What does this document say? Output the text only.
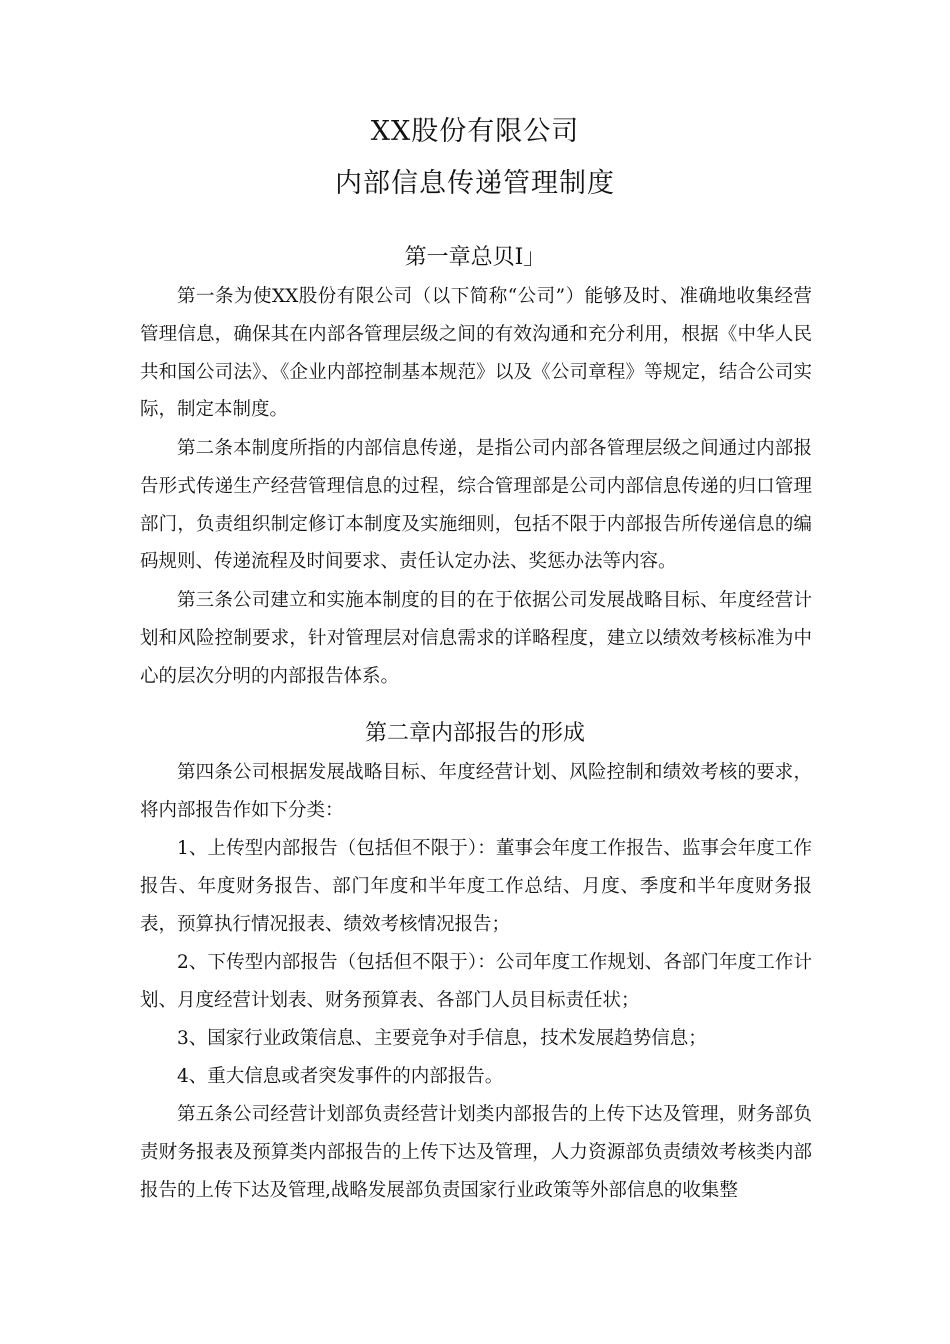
XX股份有限公司
内部信息传递管理制度
第一章总贝I」

第一条为使XX股份有限公司（以下简称“公司”）能够及时、准确地收集经营管理信息，确保其在内部各管理层级之间的有效沟通和充分利用，根据《中华人民共和国公司法》、《企业内部控制基本规范》以及《公司章程》等规定，结合公司实际，制定本制度。

第二条本制度所指的内部信息传递，是指公司内部各管理层级之间通过内部报告形式传递生产经营管理信息的过程，综合管理部是公司内部信息传递的归口管理部门，负责组织制定修订本制度及实施细则，包括不限于内部报告所传递信息的编码规则、传递流程及时间要求、责任认定办法、奖惩办法等内容。

第三条公司建立和实施本制度的目的在于依据公司发展战略目标、年度经营计划和风险控制要求，针对管理层对信息需求的详略程度，建立以绩效考核标准为中心的层次分明的内部报告体系。

第二章内部报告的形成

第四条公司根据发展战略目标、年度经营计划、风险控制和绩效考核的要求，将内部报告作如下分类：

1、上传型内部报告（包括但不限于）：董事会年度工作报告、监事会年度工作报告、年度财务报告、部门年度和半年度工作总结、月度、季度和半年度财务报表，预算执行情况报表、绩效考核情况报告；

2、下传型内部报告（包括但不限于）：公司年度工作规划、各部门年度工作计划、月度经营计划表、财务预算表、各部门人员目标责任状；

3、国家行业政策信息、主要竞争对手信息，技术发展趋势信息；

4、重大信息或者突发事件的内部报告。

第五条公司经营计划部负责经营计划类内部报告的上传下达及管理，财务部负责财务报表及预算类内部报告的上传下达及管理，人力资源部负责绩效考核类内部报告的上传下达及管理,战略发展部负责国家行业政策等外部信息的收集整
